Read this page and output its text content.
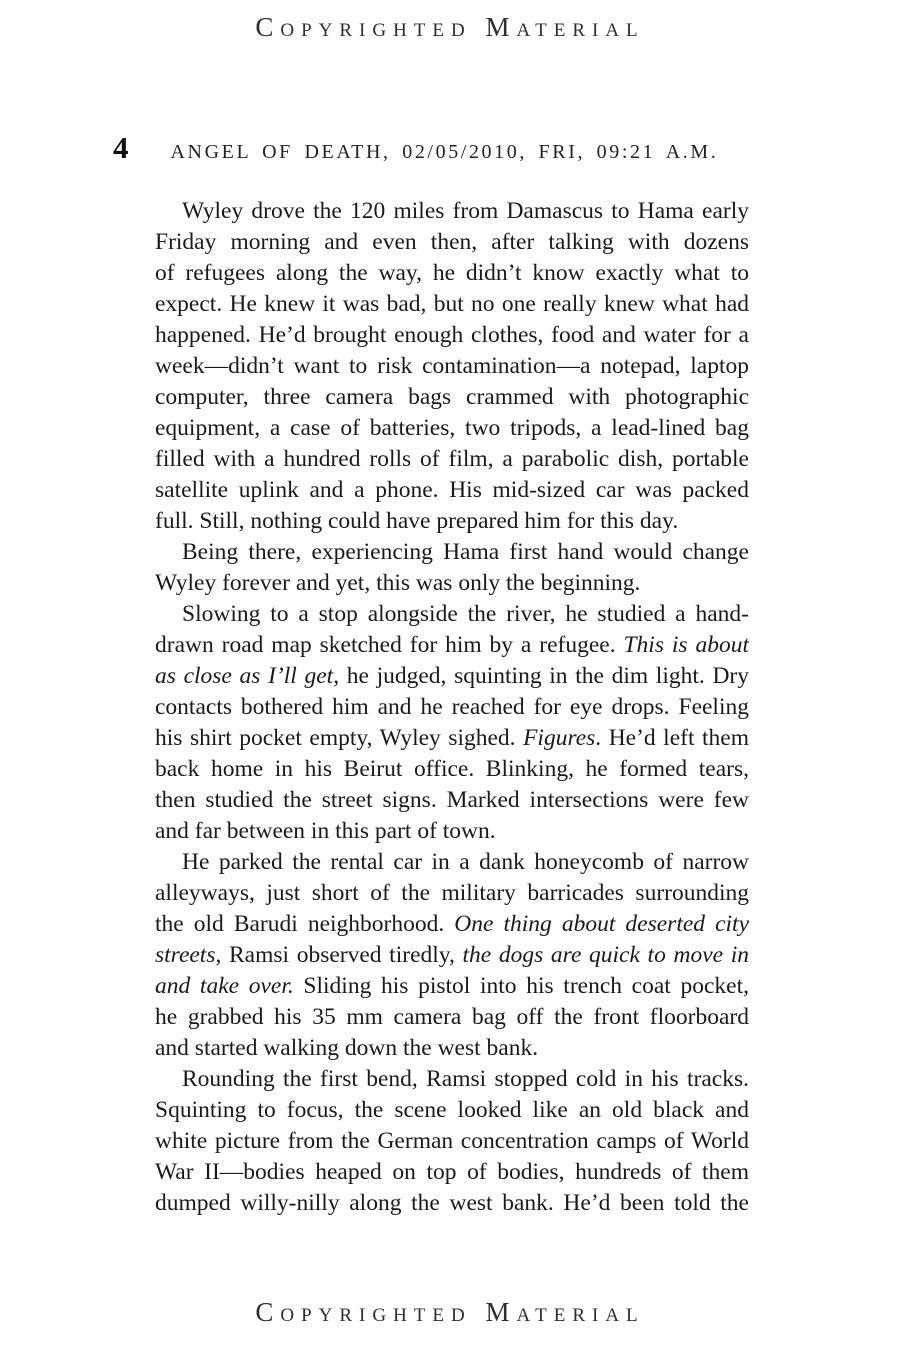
Copyrighted Material
4 ANGEL OF DEATH, 02/05/2010, FRI, 09:21 A.M.
Wyley drove the 120 miles from Damascus to Hama early
Friday morning and even then, after talking with dozens
of refugees along the way, he didn’t know exactly what to
expect. He knew it was bad, but no one really knew what had
happened. He’d brought enough clothes, food and water for a
week—didn’t want to risk contamination—a notepad, laptop
computer, three camera bags crammed with photographic
equipment, a case of batteries, two tripods, a lead-lined bag
filled with a hundred rolls of film, a parabolic dish, portable
satellite uplink and a phone. His mid-sized car was packed
full. Still, nothing could have prepared him for this day.
Being there, experiencing Hama first hand would change
Wyley forever and yet, this was only the beginning.
Slowing to a stop alongside the river, he studied a hand-
drawn road map sketched for him by a refugee. This is about
as close as I’ll get, he judged, squinting in the dim light. Dry
contacts bothered him and he reached for eye drops. Feeling
his shirt pocket empty, Wyley sighed. Figures. He’d left them
back home in his Beirut office. Blinking, he formed tears,
then studied the street signs. Marked intersections were few
and far between in this part of town.
He parked the rental car in a dank honeycomb of narrow
alleyways, just short of the military barricades surrounding
the old Barudi neighborhood. One thing about deserted city
streets, Ramsi observed tiredly, the dogs are quick to move in
and take over. Sliding his pistol into his trench coat pocket,
he grabbed his 35 mm camera bag off the front floorboard
and started walking down the west bank.
Rounding the first bend, Ramsi stopped cold in his tracks.
Squinting to focus, the scene looked like an old black and
white picture from the German concentration camps of World
War II—bodies heaped on top of bodies, hundreds of them
dumped willy-nilly along the west bank. He’d been told the
Copyrighted Material
